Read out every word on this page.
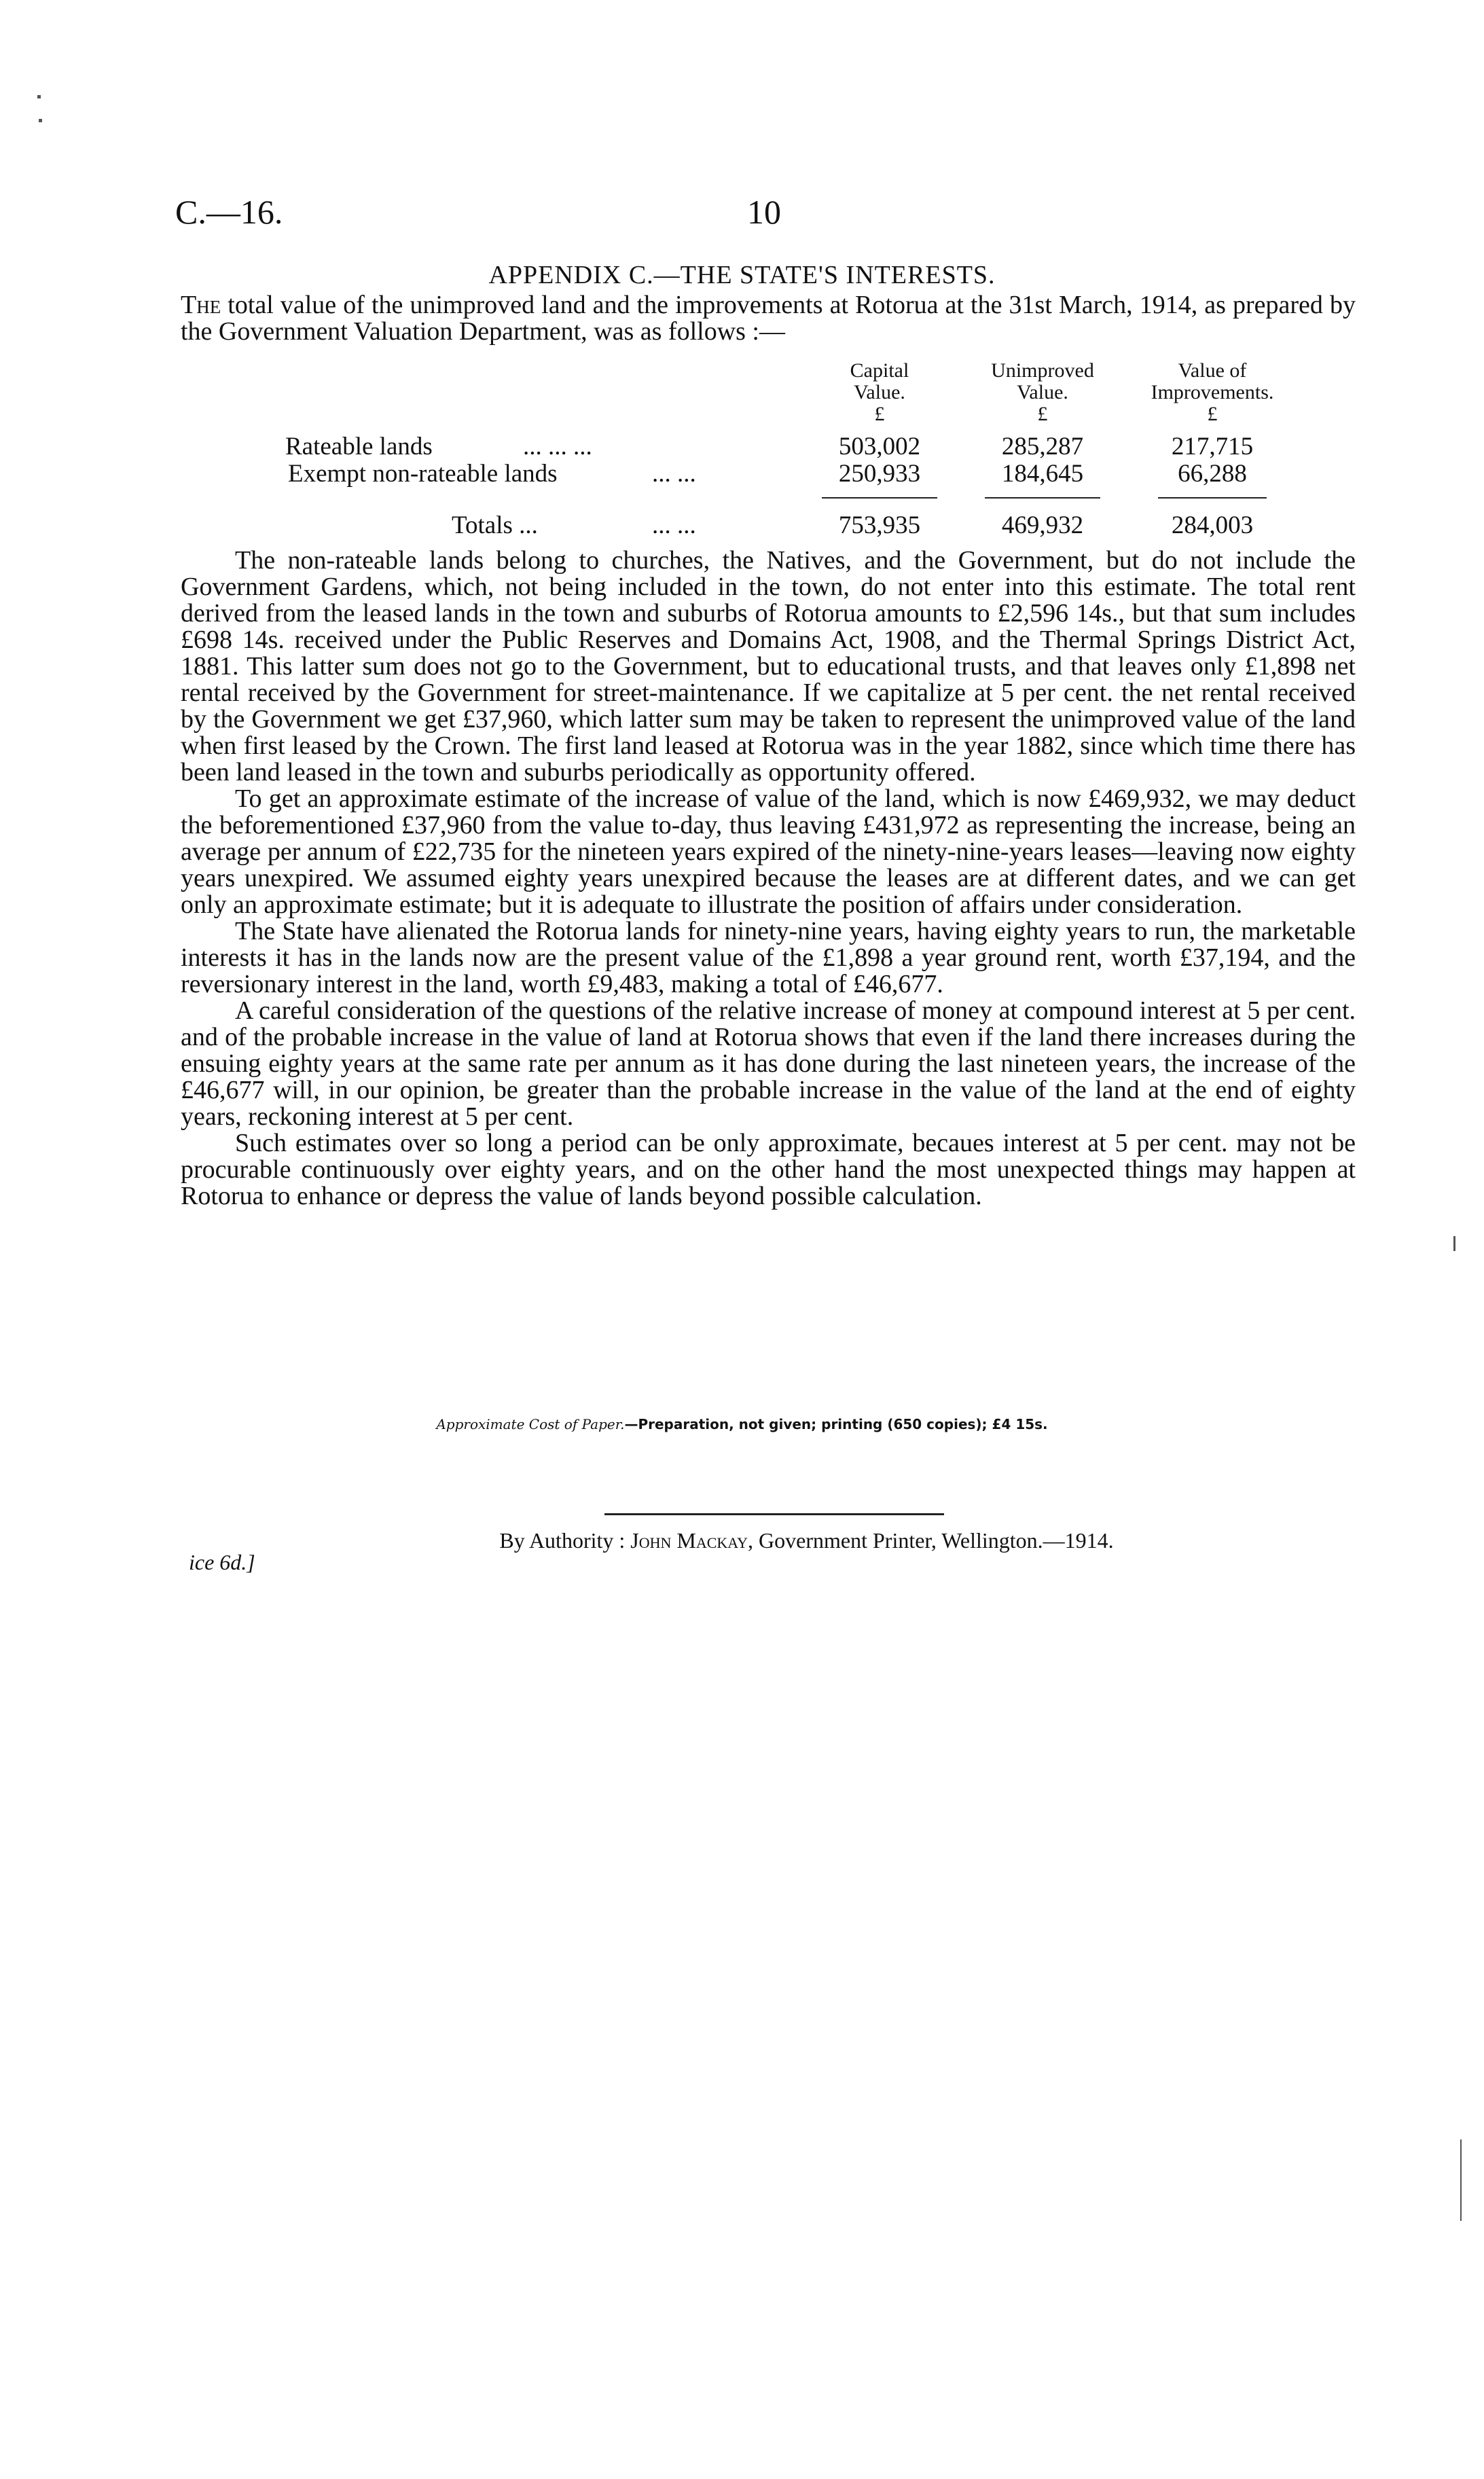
C.—16.	10
APPENDIX C.—THE STATE'S INTERESTS.

The total value of the unimproved land and the improvements at Rotorua at the 31st March, 1914, as prepared by the Government Valuation Department, was as follows :—

Capital
Value.
£
Unimproved
Value.
£
Value of
Improvements.
£
Rateable lands	... ... ...	503,002	285,287	217,715
Exempt non-rateable lands	... ...	250,933	184,645	66,288
Totals ...	... ...	753,935	469,932	284,003

The non-rateable lands belong to churches, the Natives, and the Government, but do not include the Government Gardens, which, not being included in the town, do not enter into this estimate. The total rent derived from the leased lands in the town and suburbs of Rotorua amounts to £2,596 14s., but that sum includes £698 14s. received under the Public Reserves and Domains Act, 1908, and the Thermal Springs District Act, 1881. This latter sum does not go to the Government, but to educational trusts, and that leaves only £1,898 net rental received by the Government for street-maintenance. If we capitalize at 5 per cent. the net rental received by the Government we get £37,960, which latter sum may be taken to represent the unimproved value of the land when first leased by the Crown. The first land leased at Rotorua was in the year 1882, since which time there has been land leased in the town and suburbs periodically as opportunity offered.

To get an approximate estimate of the increase of value of the land, which is now £469,932, we may deduct the beforementioned £37,960 from the value to-day, thus leaving £431,972 as representing the increase, being an average per annum of £22,735 for the nineteen years expired of the ninety-nine-years leases—leaving now eighty years unexpired. We assumed eighty years unexpired because the leases are at different dates, and we can get only an approximate estimate; but it is adequate to illustrate the position of affairs under consideration.

The State have alienated the Rotorua lands for ninety-nine years, having eighty years to run, the marketable interests it has in the lands now are the present value of the £1,898 a year ground rent, worth £37,194, and the reversionary interest in the land, worth £9,483, making a total of £46,677.

A careful consideration of the questions of the relative increase of money at compound interest at 5 per cent. and of the probable increase in the value of land at Rotorua shows that even if the land there increases during the ensuing eighty years at the same rate per annum as it has done during the last nineteen years, the increase of the £46,677 will, in our opinion, be greater than the probable increase in the value of the land at the end of eighty years, reckoning interest at 5 per cent.

Such estimates over so long a period can be only approximate, becaues interest at 5 per cent. may not be procurable continuously over eighty years, and on the other hand the most unexpected things may happen at Rotorua to enhance or depress the value of lands beyond possible calculation.

Approximate Cost of Paper.—Preparation, not given; printing (650 copies); £4 15s.
By Authority : John Mackay, Government Printer, Wellington.—1914.
ice 6d.]
